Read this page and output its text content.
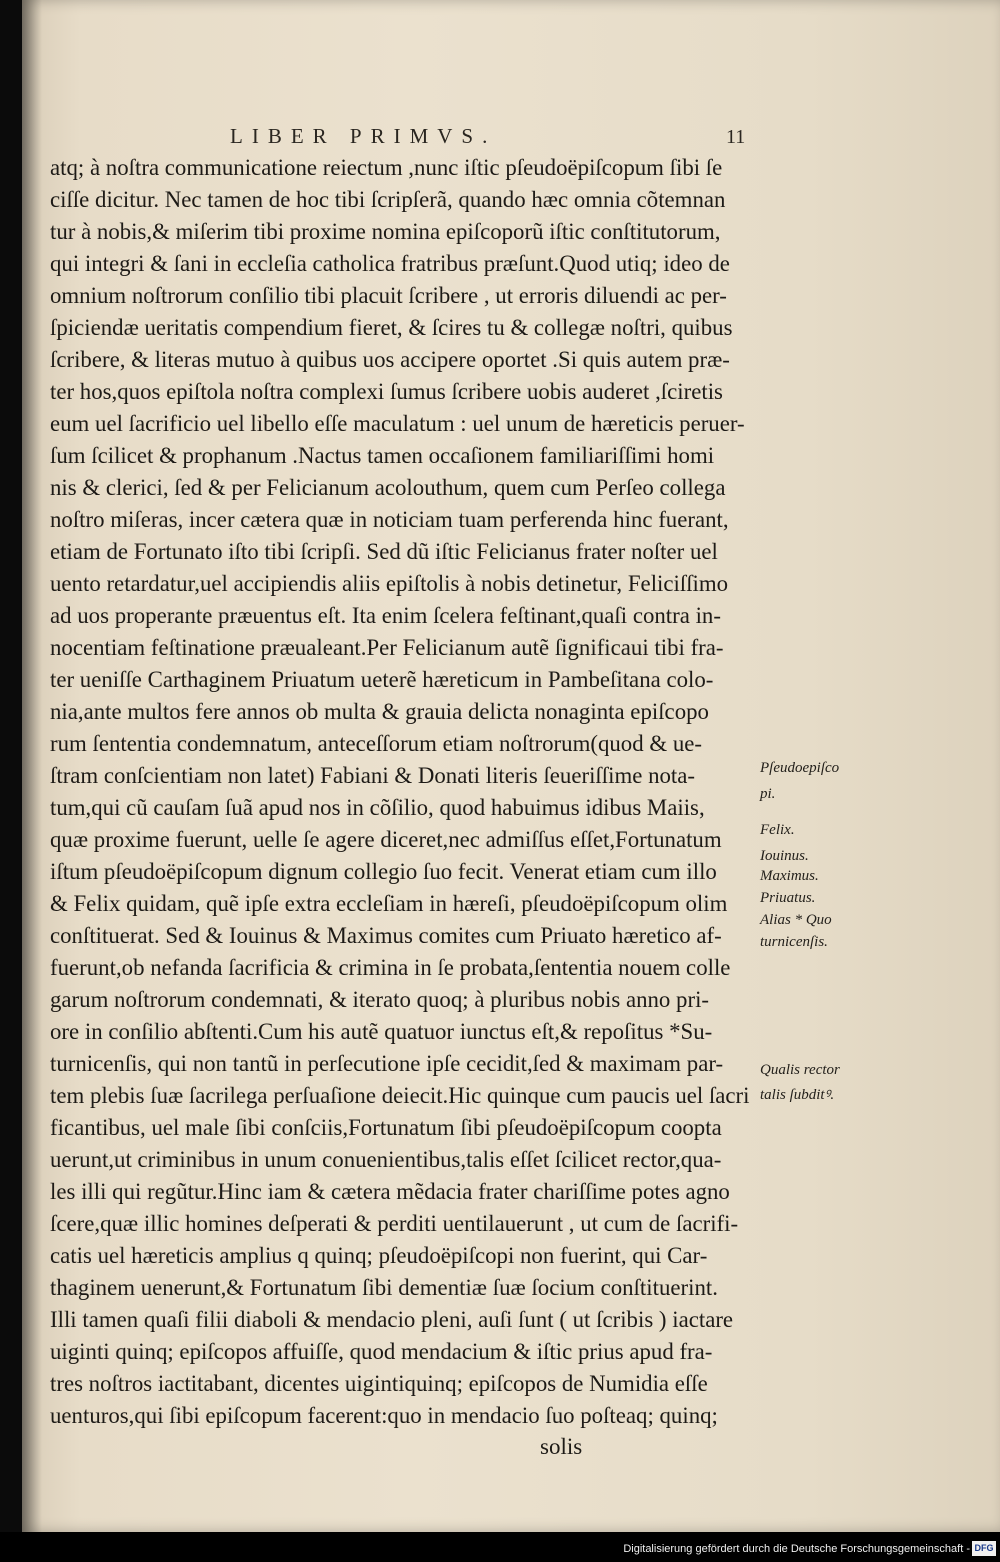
LIBER PRIMVS.	11
atq; à noſtra communicatione reiectum ,nunc iſtic pſeudoëpiſcopum ſibi ſe
ciſſe dicitur. Nec tamen de hoc tibi ſcripſerã, quando hæc omnia cõtemnan
tur à nobis,& miſerim tibi proxime nomina epiſcoporũ iſtic conſtitutorum,
qui integri & ſani in eccleſia catholica fratribus præſunt.Quod utiq; ideo de
omnium noſtrorum conſilio tibi placuit ſcribere , ut erroris diluendi ac per-
ſpiciendæ ueritatis compendium fieret, & ſcires tu & collegæ noſtri, quibus
ſcribere, & literas mutuo à quibus uos accipere oportet .Si quis autem præ-
ter hos,quos epiſtola noſtra complexi ſumus ſcribere uobis auderet ,ſciretis
eum uel ſacrificio uel libello eſſe maculatum : uel unum de hæreticis peruer-
ſum ſcilicet & prophanum .Nactus tamen occaſionem familiariſſimi homi
nis & clerici, ſed & per Felicianum acolouthum, quem cum Perſeo collega
noſtro miſeras, incer cætera quæ in noticiam tuam perferenda hinc fuerant,
etiam de Fortunato iſto tibi ſcripſi. Sed dũ iſtic Felicianus frater noſter uel
uento retardatur,uel accipiendis aliis epiſtolis à nobis detinetur, Feliciſſimo
ad uos properante præuentus eſt. Ita enim ſcelera feſtinant,quaſi contra in-
nocentiam feſtinatione præualeant.Per Felicianum autẽ ſignificaui tibi fra-
ter ueniſſe Carthaginem Priuatum ueterẽ hæreticum in Pambeſitana colo-
nia,ante multos fere annos ob multa & grauia delicta nonaginta epiſcopo
rum ſententia condemnatum, anteceſſorum etiam noſtrorum(quod & ue-
ſtram conſcientiam non latet) Fabiani & Donati literis ſeueriſſime nota-
tum,qui cũ cauſam ſuã apud nos in cõſilio, quod habuimus idibus Maiis,
quæ proxime fuerunt, uelle ſe agere diceret,nec admiſſus eſſet,Fortunatum
iſtum pſeudoëpiſcopum dignum collegio ſuo fecit. Venerat etiam cum illo
& Felix quidam, quẽ ipſe extra eccleſiam in hæreſi, pſeudoëpiſcopum olim
conſtituerat. Sed & Iouinus & Maximus comites cum Priuato hæretico af-
fuerunt,ob nefanda ſacrificia & crimina in ſe probata,ſententia nouem colle
garum noſtrorum condemnati, & iterato quoq; à pluribus nobis anno pri-
ore in conſilio abſtenti.Cum his autẽ quatuor iunctus eſt,& repoſitus *Su-
turnicenſis, qui non tantũ in perſecutione ipſe cecidit,ſed & maximam par-
tem plebis ſuæ ſacrilega perſuaſione deiecit.Hic quinque cum paucis uel ſacri
ficantibus, uel male ſibi conſciis,Fortunatum ſibi pſeudoëpiſcopum coopta
uerunt,ut criminibus in unum conuenientibus,talis eſſet ſcilicet rector,qua-
les illi qui regũtur.Hinc iam & cætera mẽdacia frater chariſſime potes agno
ſcere,quæ illic homines deſperati & perditi uentilauerunt , ut cum de ſacrifi-
catis uel hæreticis amplius q quinq; pſeudoëpiſcopi non fuerint, qui Car-
thaginem uenerunt,& Fortunatum ſibi dementiæ ſuæ ſocium conſtituerint.
Illi tamen quaſi filii diaboli & mendacio pleni, auſi ſunt ( ut ſcribis ) iactare
uiginti quinq; epiſcopos affuiſſe, quod mendacium & iſtic prius apud fra-
tres noſtros iactitabant, dicentes uigintiquinq; epiſcopos de Numidia eſſe
uenturos,qui ſibi epiſcopum facerent:quo in mendacio ſuo poſteaq; quinq;
solis
Pſeudoepiſco
pi.
Felix.
Iouinus.
Maximus.
Priuatus.
Alias * Quo
turnicenſis.
Qualis rector
talis ſubditꝰ.
Digitalisierung gefördert durch die Deutsche Forschungsgemeinschaft - DFG
